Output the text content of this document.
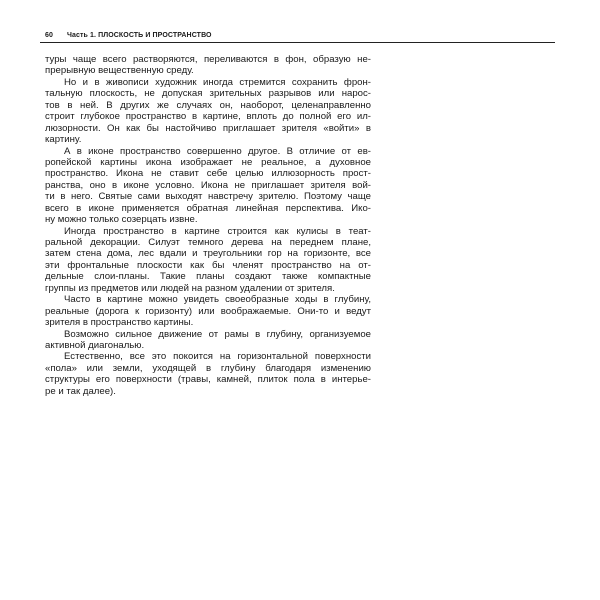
60 Часть 1. ПЛОСКОСТЬ И ПРОСТРАНСТВО
туры чаще всего растворяются, переливаются в фон, образую не-
прерывную вещественную среду.
Но и в живописи художник иногда стремится сохранить фрон-
тальную плоскость, не допуская зрительных разрывов или нарос-
тов в ней. В других же случаях он, наоборот, целенаправленно
строит глубокое пространство в картине, вплоть до полной его ил-
люзорности. Он как бы настойчиво приглашает зрителя «войти» в
картину.
А в иконе пространство совершенно другое. В отличие от ев-
ропейской картины икона изображает не реальное, а духовное
пространство. Икона не ставит себе целью иллюзорность прост-
ранства, оно в иконе условно. Икона не приглашает зрителя вой-
ти в него. Святые сами выходят навстречу зрителю. Поэтому чаще
всего в иконе применяется обратная линейная перспектива. Ико-
ну можно только созерцать извне.
Иногда пространство в картине строится как кулисы в теат-
ральной декорации. Силуэт темного дерева на переднем плане,
затем стена дома, лес вдали и треугольники гор на горизонте, все
эти фронтальные плоскости как бы членят пространство на от-
дельные слои-планы. Такие планы создают также компактные
группы из предметов или людей на разном удалении от зрителя.
Часто в картине можно увидеть своеобразные ходы в глубину,
реальные (дорога к горизонту) или воображаемые. Они-то и ведут
зрителя в пространство картины.
Возможно сильное движение от рамы в глубину, организуемое
активной диагональю.
Естественно, все это покоится на горизонтальной поверхности
«пола» или земли, уходящей в глубину благодаря изменению
структуры его поверхности (травы, камней, плиток пола в интерье-
ре и так далее).
